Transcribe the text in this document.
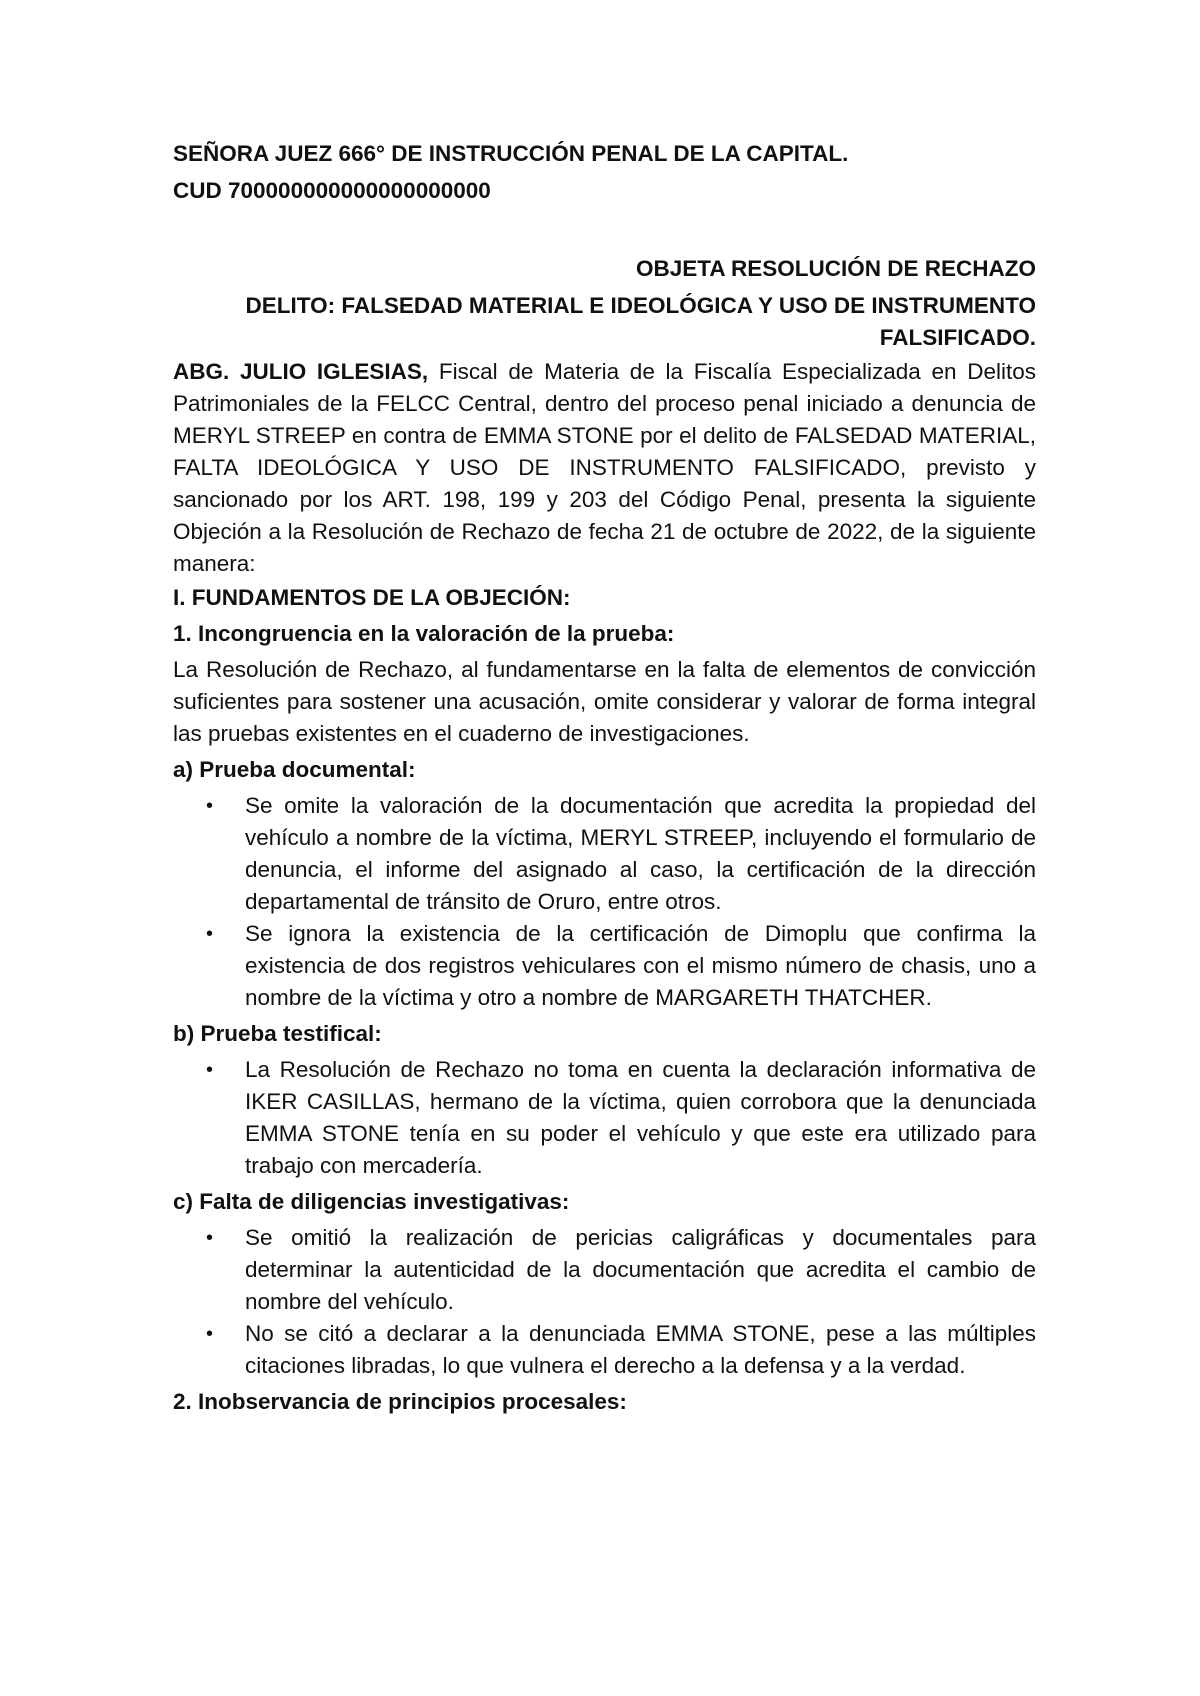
SEÑORA JUEZ 666° DE INSTRUCCIÓN PENAL DE LA CAPITAL.

CUD 700000000000000000000

OBJETA RESOLUCIÓN DE RECHAZO

DELITO: FALSEDAD MATERIAL E IDEOLÓGICA Y USO DE INSTRUMENTO FALSIFICADO.

ABG. JULIO IGLESIAS, Fiscal de Materia de la Fiscalía Especializada en Delitos Patrimoniales de la FELCC Central, dentro del proceso penal iniciado a denuncia de MERYL STREEP en contra de EMMA STONE por el delito de FALSEDAD MATERIAL, FALTA IDEOLÓGICA Y USO DE INSTRUMENTO FALSIFICADO, previsto y sancionado por los ART. 198, 199 y 203 del Código Penal, presenta la siguiente Objeción a la Resolución de Rechazo de fecha 21 de octubre de 2022, de la siguiente manera:

I. FUNDAMENTOS DE LA OBJECIÓN:

1. Incongruencia en la valoración de la prueba:

La Resolución de Rechazo, al fundamentarse en la falta de elementos de convicción suficientes para sostener una acusación, omite considerar y valorar de forma integral las pruebas existentes en el cuaderno de investigaciones.

a) Prueba documental:

• Se omite la valoración de la documentación que acredita la propiedad del vehículo a nombre de la víctima, MERYL STREEP, incluyendo el formulario de denuncia, el informe del asignado al caso, la certificación de la dirección departamental de tránsito de Oruro, entre otros.
• Se ignora la existencia de la certificación de Dimoplu que confirma la existencia de dos registros vehiculares con el mismo número de chasis, uno a nombre de la víctima y otro a nombre de MARGARETH THATCHER.

b) Prueba testifical:

• La Resolución de Rechazo no toma en cuenta la declaración informativa de IKER CASILLAS, hermano de la víctima, quien corrobora que la denunciada EMMA STONE tenía en su poder el vehículo y que este era utilizado para trabajo con mercadería.

c) Falta de diligencias investigativas:

• Se omitió la realización de pericias caligráficas y documentales para determinar la autenticidad de la documentación que acredita el cambio de nombre del vehículo.
• No se citó a declarar a la denunciada EMMA STONE, pese a las múltiples citaciones libradas, lo que vulnera el derecho a la defensa y a la verdad.

2. Inobservancia de principios procesales:
